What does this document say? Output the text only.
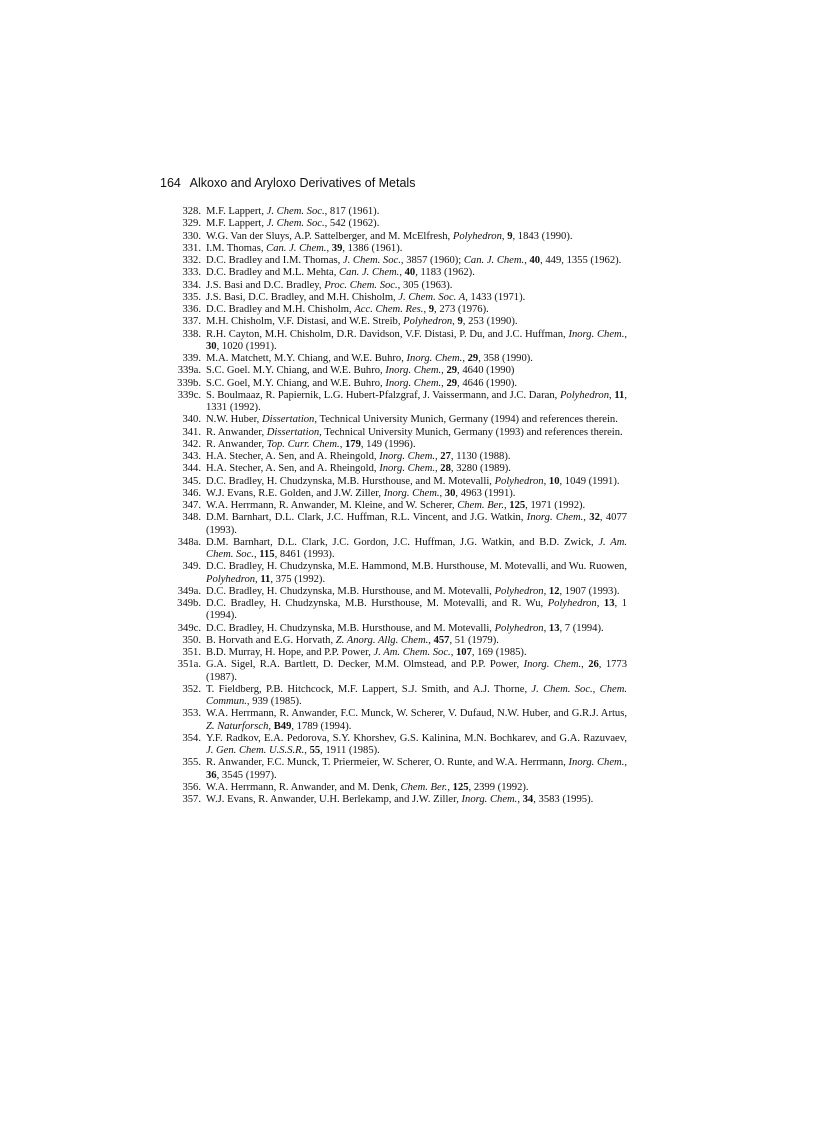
164 Alkoxo and Aryloxo Derivatives of Metals
328. M.F. Lappert, J. Chem. Soc., 817 (1961).
329. M.F. Lappert, J. Chem. Soc., 542 (1962).
330. W.G. Van der Sluys, A.P. Sattelberger, and M. McElfresh, Polyhedron, 9, 1843 (1990).
331. I.M. Thomas, Can. J. Chem., 39, 1386 (1961).
332. D.C. Bradley and I.M. Thomas, J. Chem. Soc., 3857 (1960); Can. J. Chem., 40, 449, 1355 (1962).
333. D.C. Bradley and M.L. Mehta, Can. J. Chem., 40, 1183 (1962).
334. J.S. Basi and D.C. Bradley, Proc. Chem. Soc., 305 (1963).
335. J.S. Basi, D.C. Bradley, and M.H. Chisholm, J. Chem. Soc. A, 1433 (1971).
336. D.C. Bradley and M.H. Chisholm, Acc. Chem. Res., 9, 273 (1976).
337. M.H. Chisholm, V.F. Distasi, and W.E. Streib, Polyhedron, 9, 253 (1990).
338. R.H. Cayton, M.H. Chisholm, D.R. Davidson, V.F. Distasi, P. Du, and J.C. Huffman, Inorg. Chem., 30, 1020 (1991).
339. M.A. Matchett, M.Y. Chiang, and W.E. Buhro, Inorg. Chem., 29, 358 (1990).
339a. S.C. Goel. M.Y. Chiang, and W.E. Buhro, Inorg. Chem., 29, 4640 (1990)
339b. S.C. Goel, M.Y. Chiang, and W.E. Buhro, Inorg. Chem., 29, 4646 (1990).
339c. S. Boulmaaz, R. Papiernik, L.G. Hubert-Pfalzgraf, J. Vaissermann, and J.C. Daran, Polyhedron, 11, 1331 (1992).
340. N.W. Huber, Dissertation, Technical University Munich, Germany (1994) and references therein.
341. R. Anwander, Dissertation, Technical University Munich, Germany (1993) and references therein.
342. R. Anwander, Top. Curr. Chem., 179, 149 (1996).
343. H.A. Stecher, A. Sen, and A. Rheingold, Inorg. Chem., 27, 1130 (1988).
344. H.A. Stecher, A. Sen, and A. Rheingold, Inorg. Chem., 28, 3280 (1989).
345. D.C. Bradley, H. Chudzynska, M.B. Hursthouse, and M. Motevalli, Polyhedron, 10, 1049 (1991).
346. W.J. Evans, R.E. Golden, and J.W. Ziller, Inorg. Chem., 30, 4963 (1991).
347. W.A. Herrmann, R. Anwander, M. Kleine, and W. Scherer, Chem. Ber., 125, 1971 (1992).
348. D.M. Barnhart, D.L. Clark, J.C. Huffman, R.L. Vincent, and J.G. Watkin, Inorg. Chem., 32, 4077 (1993).
348a. D.M. Barnhart, D.L. Clark, J.C. Gordon, J.C. Huffman, J.G. Watkin, and B.D. Zwick, J. Am. Chem. Soc., 115, 8461 (1993).
349. D.C. Bradley, H. Chudzynska, M.E. Hammond, M.B. Hursthouse, M. Motevalli, and Wu. Ruowen, Polyhedron, 11, 375 (1992).
349a. D.C. Bradley, H. Chudzynska, M.B. Hursthouse, and M. Motevalli, Polyhedron, 12, 1907 (1993).
349b. D.C. Bradley, H. Chudzynska, M.B. Hursthouse, M. Motevalli, and R. Wu, Polyhedron, 13, 1 (1994).
349c. D.C. Bradley, H. Chudzynska, M.B. Hursthouse, and M. Motevalli, Polyhedron, 13, 7 (1994).
350. B. Horvath and E.G. Horvath, Z. Anorg. Allg. Chem., 457, 51 (1979).
351. B.D. Murray, H. Hope, and P.P. Power, J. Am. Chem. Soc., 107, 169 (1985).
351a. G.A. Sigel, R.A. Bartlett, D. Decker, M.M. Olmstead, and P.P. Power, Inorg. Chem., 26, 1773 (1987).
352. T. Fieldberg, P.B. Hitchcock, M.F. Lappert, S.J. Smith, and A.J. Thorne, J. Chem. Soc., Chem. Commun., 939 (1985).
353. W.A. Herrmann, R. Anwander, F.C. Munck, W. Scherer, V. Dufaud, N.W. Huber, and G.R.J. Artus, Z. Naturforsch, B49, 1789 (1994).
354. Y.F. Radkov, E.A. Pedorova, S.Y. Khorshev, G.S. Kalinina, M.N. Bochkarev, and G.A. Razuvaev, J. Gen. Chem. U.S.S.R., 55, 1911 (1985).
355. R. Anwander, F.C. Munck, T. Priermeier, W. Scherer, O. Runte, and W.A. Herrmann, Inorg. Chem., 36, 3545 (1997).
356. W.A. Herrmann, R. Anwander, and M. Denk, Chem. Ber., 125, 2399 (1992).
357. W.J. Evans, R. Anwander, U.H. Berlekamp, and J.W. Ziller, Inorg. Chem., 34, 3583 (1995).
